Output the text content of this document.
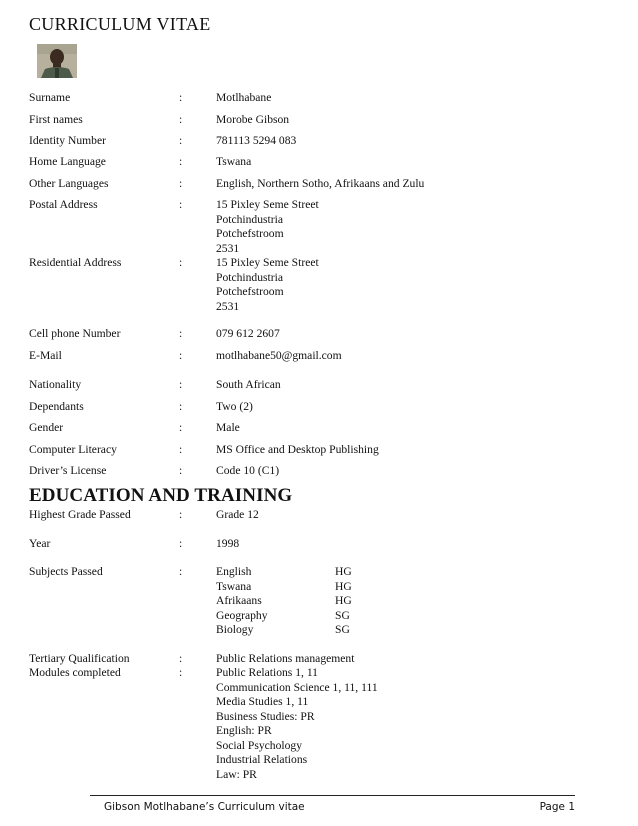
CURRICULUM VITAE
Surname	:	Motlhabane
First names	:	Morobe Gibson
Identity Number	:	781113 5294 083
Home Language	:	Tswana
Other Languages	:	English, Northern Sotho, Afrikaans and Zulu
Postal Address	:	15 Pixley Seme Street
Potchindustria
Potchefstroom
2531
Residential Address	:	15 Pixley Seme Street
Potchindustria
Potchefstroom
2531
Cell phone Number	:	079 612 2607
E-Mail	:	motlhabane50@gmail.com
Nationality	:	South African
Dependants	:	Two (2)
Gender	:	Male
Computer Literacy	:	MS Office and Desktop Publishing
Driver’s License	:	Code 10 (C1)
EDUCATION AND TRAINING
Highest Grade Passed	:	Grade 12
Year	:	1998
Subjects Passed	:	English	HG
Tswana	HG
Afrikaans	HG
Geography	SG
Biology	SG
Tertiary Qualification	:	Public Relations management
Modules completed	:	Public Relations 1, 11
Communication Science 1, 11, 111
Media Studies 1, 11
Business Studies: PR
English: PR
Social Psychology
Industrial Relations
Law: PR
Gibson Motlhabane’s Curriculum vitae	Page 1
